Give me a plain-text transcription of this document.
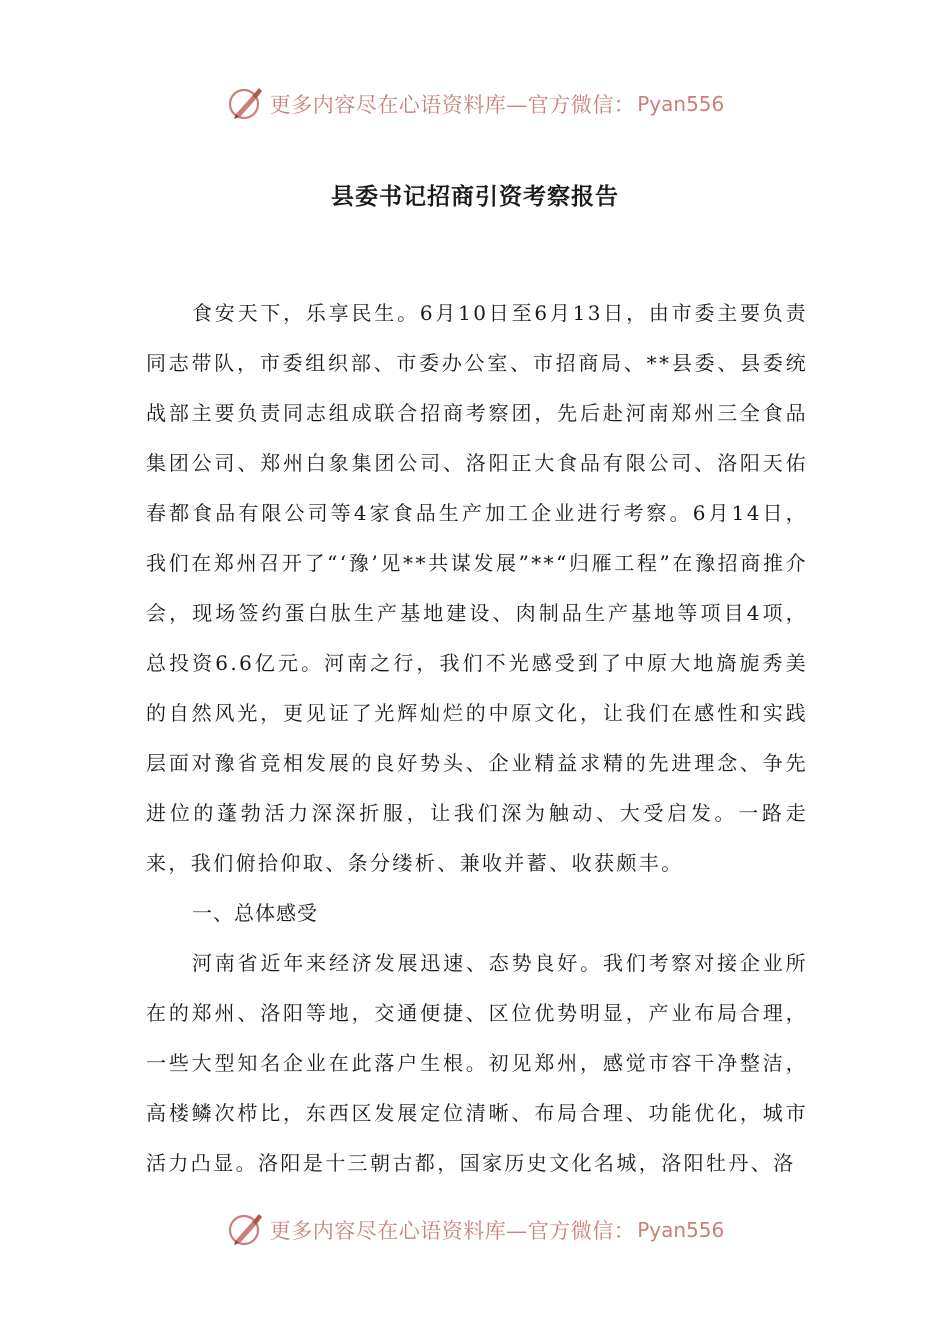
更多内容尽在心语资料库—官方微信： Pyan556
县委书记招商引资考察报告

食安天下，乐享民生。6月10日至6月13日，由市委主要负责同志带队，市委组织部、市委办公室、市招商局、**县委、县委统战部主要负责同志组成联合招商考察团，先后赴河南郑州三全食品集团公司、郑州白象集团公司、洛阳正大食品有限公司、洛阳天佑春都食品有限公司等4家食品生产加工企业进行考察。6月14日，我们在郑州召开了“‘豫’见**共谋发展”**“归雁工程”在豫招商推介会，现场签约蛋白肽生产基地建设、肉制品生产基地等项目4项，总投资6.6亿元。河南之行，我们不光感受到了中原大地旖旎秀美的自然风光，更见证了光辉灿烂的中原文化，让我们在感性和实践层面对豫省竞相发展的良好势头、企业精益求精的先进理念、争先进位的蓬勃活力深深折服，让我们深为触动、大受启发。一路走来，我们俯拾仰取、条分缕析、兼收并蓄、收获颇丰。

一、总体感受

河南省近年来经济发展迅速、态势良好。我们考察对接企业所在的郑州、洛阳等地，交通便捷、区位优势明显，产业布局合理，一些大型知名企业在此落户生根。初见郑州，感觉市容干净整洁，高楼鳞次栉比，东西区发展定位清晰、布局合理、功能优化，城市活力凸显。洛阳是十三朝古都，国家历史文化名城，洛阳牡丹、洛

更多内容尽在心语资料库—官方微信： Pyan556
